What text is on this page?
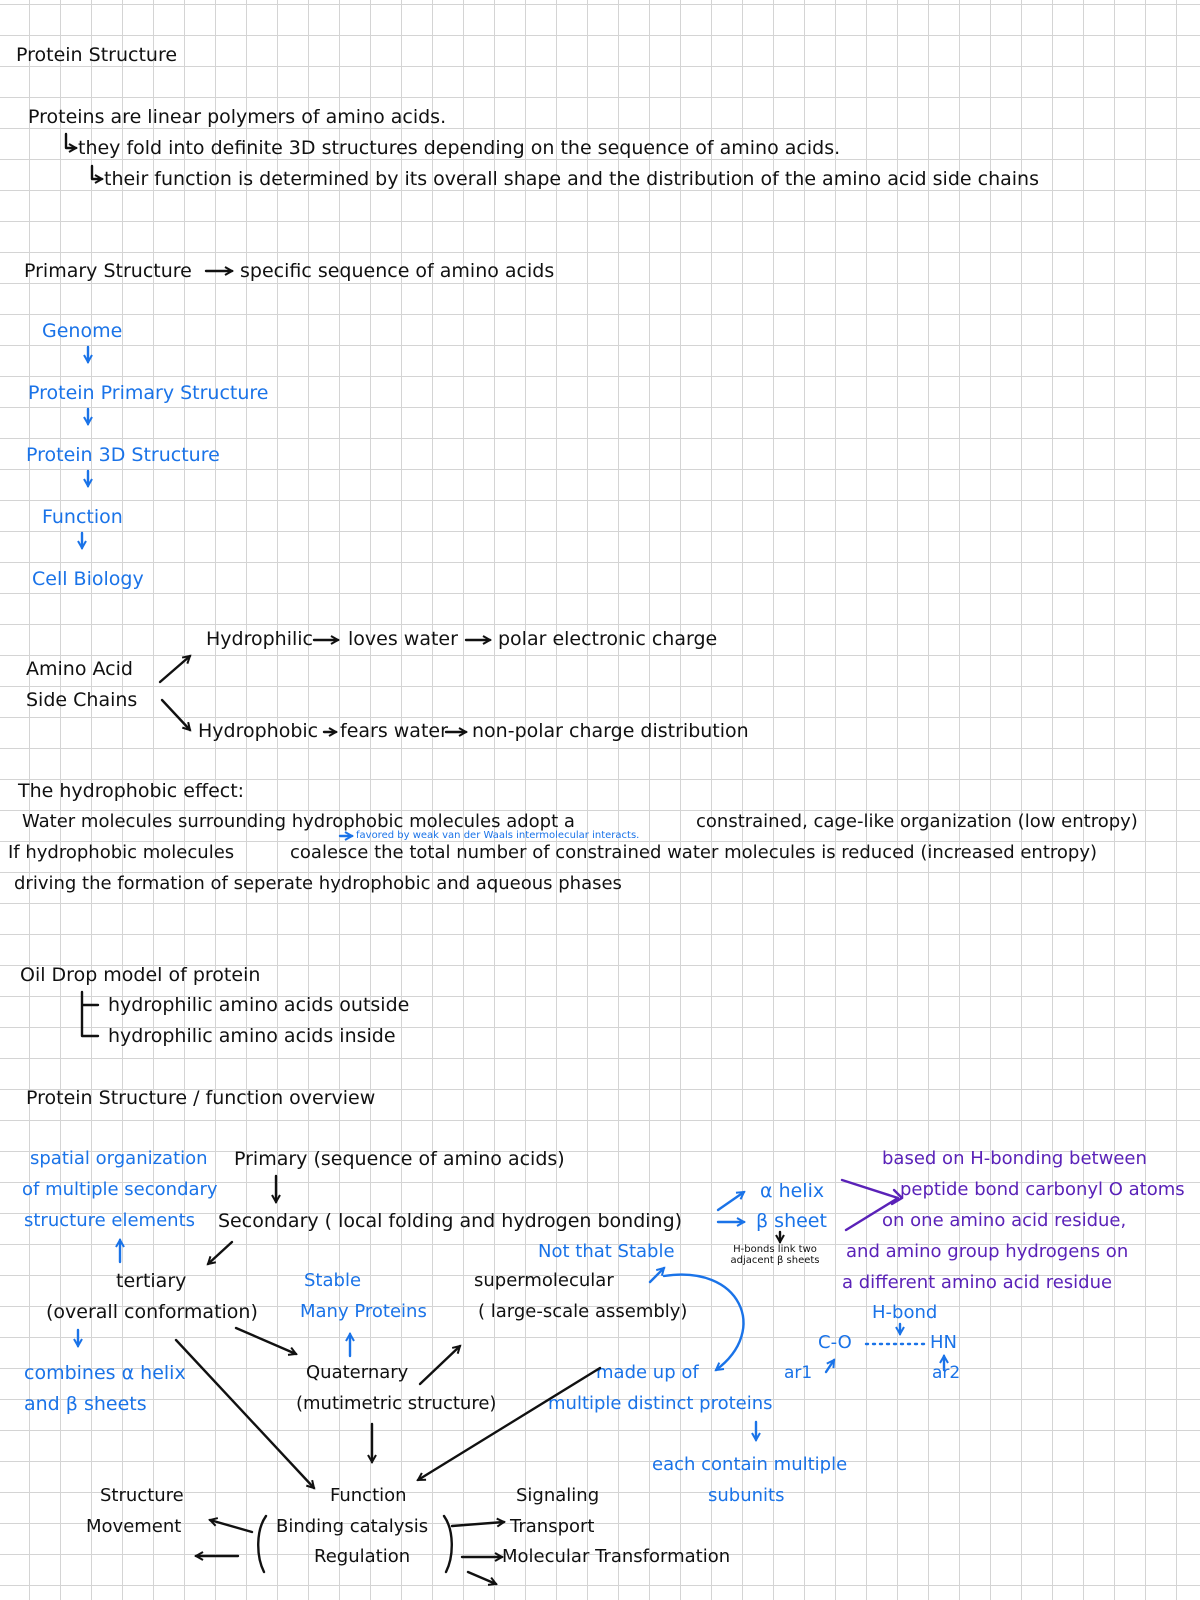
Protein Structure
Proteins are linear polymers of amino acids.
they fold into definite 3D structures depending on the sequence of amino acids.
their function is determined by its overall shape and the distribution of the amino acid side chains
Primary Structure	specific sequence of amino acids
Genome
Protein Primary Structure
Protein 3D Structure
Function
Cell Biology
Amino Acid
Side Chains
Hydrophilic loves water polar electronic charge
Hydrophobic fears water non-polar charge distribution
The hydrophobic effect:
Water molecules surrounding hydrophobic molecules adopt a	constrained, cage-like organization (low entropy)
favored by weak van der Waals intermolecular interacts.
If hydrophobic molecules	coalesce the total number of constrained water molecules is reduced (increased entropy)
driving the formation of seperate hydrophobic and aqueous phases
Oil Drop model of protein
hydrophilic amino acids outside
hydrophilic amino acids inside
Protein Structure / function overview
spatial organization
of multiple secondary
structure elements
Primary (sequence of amino acids)
Secondary ( local folding and hydrogen bonding)
α helix
β sheet
Not that Stable	H-bonds link two
adjacent β sheets
based on H-bonding between
peptide bond carbonyl O atoms
on one amino acid residue,
and amino group hydrogens on
a different amino acid residue
H-bond
C-O	HN
ar1	ar2
tertiary
(overall conformation)
combines α helix
and β sheets
Stable
Many Proteins
supermolecular
( large-scale assembly)
Quaternary
(mutimetric structure)
made up of
multiple distinct proteins
each contain multiple
subunits
Function
Binding catalysis
Regulation
Structure
Movement
Signaling
Transport
Molecular Transformation
